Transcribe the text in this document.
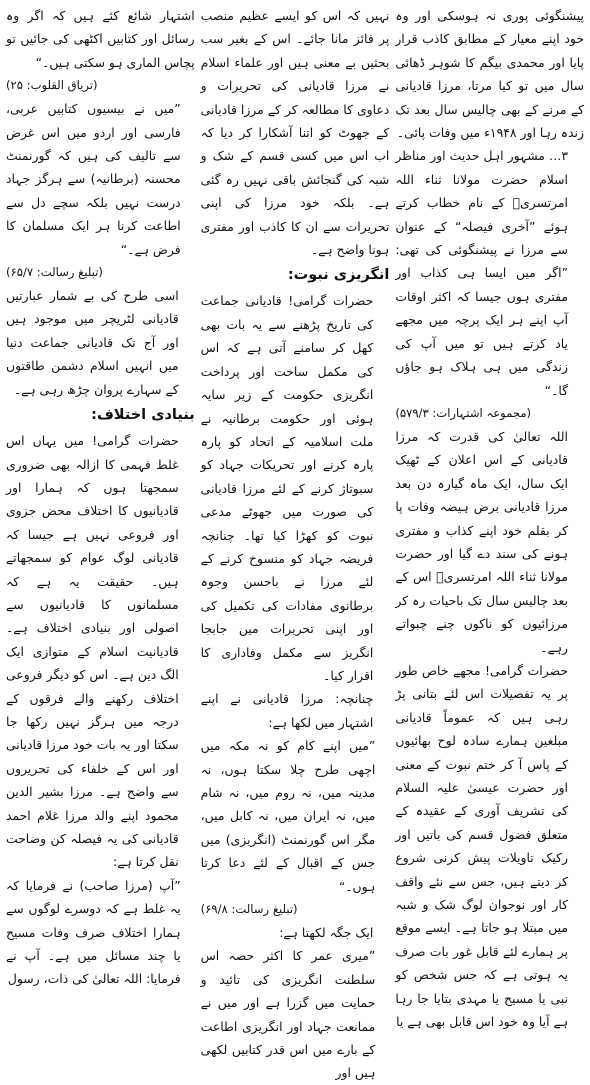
پیشنگوئی پوری نہ ہوسکی اور وہ خود اپنے معیار کے مطابق کاذب قرار پایا اور محمدی بیگم کا شوہر ڈھائی سال میں تو کیا مرتا، مرزا قادیانی کے مرنے کے بھی چالیس سال بعد تک زندہ رہا اور ۱۹۴۸ء میں وفات پائی۔

۳… مشہور اہل حدیث اور مناظر اسلام حضرت مولانا ثناء اللہ امرتسریؒ کے نام خطاب کرتے ہوئے ”آخری فیصلہ“ کے عنوان سے مرزا نے پیشنگوئی کی تھی: ”اگر میں ایسا ہی کذاب اور مفتری ہوں جیسا کہ اکثر اوقات آپ اپنے ہر ایک پرچہ میں مجھے یاد کرتے ہیں تو میں آپ کی زندگی میں ہی ہلاک ہو جاؤں گا۔“

(مجموعہ اشتہارات: ۵۷۹/۳)

اللہ تعالیٰ کی قدرت کہ مرزا قادیانی کے اس اعلان کے ٹھیک ایک سال، ایک ماہ گیارہ دن بعد مرزا قادیانی برض ہیضہ وفات پا کر بقلم خود اپنے کذاب و مفتری ہونے کی سند دے گیا اور حضرت مولانا ثناء اللہ امرتسریؒ اس کے بعد چالیس سال تک باحیات رہ کر مرزائیوں کو ناکوں چنے چبواتے رہے۔

حضرات گرامی! مجھے خاص طور پر یہ تفصیلات اس لئے بتانی پڑ رہی ہیں کہ عموماً قادیانی مبلغین ہمارے سادہ لوح بھائیوں کے پاس آ کر ختم نبوت کے معنی اور حضرت عیسیٰ علیہ السلام کی تشریف آوری کے عقیدہ کے متعلق فضول قسم کی باتیں اور رکیک تاویلات پیش کرنی شروع کر دیتے ہیں، جس سے نئے واقف کار اور نوجوان لوگ شک و شبہ میں مبتلا ہو جاتا ہے۔ ایسے موقع پر ہمارے لئے قابل غور بات صرف یہ ہوتی ہے کہ جس شخص کو نبی یا مسیح یا مہدی بتایا جا رہا ہے آیا وہ خود اس قابل بھی ہے یا

نہیں کہ اس کو ایسے عظیم منصب پر فائز مانا جائے۔ اس کے بغیر سب بحثیں بے معنی ہیں اور علماء اسلام نے مرزا قادیانی کی تحریرات و دعاوی کا مطالعہ کر کے مرزا قادیانی کے جھوٹ کو اتنا آشکارا کر دیا کہ اب اس میں کسی قسم کے شک و شبہ کی گنجائش باقی نہیں رہ گئی ہے۔ بلکہ خود مرزا کی اپنی تحریرات سے ان کا کاذب اور مفتری ہونا واضح ہے۔

انگریزی نبوت:

حضرات گرامی! قادیانی جماعت کی تاریخ پڑھنے سے یہ بات بھی کھل کر سامنے آتی ہے کہ اس کی مکمل ساخت اور پرداخت انگریزی حکومت کے زیر سایہ ہوئی اور حکومت برطانیہ نے ملت اسلامیہ کے اتحاد کو پارہ پارہ کرنے اور تحریکات جہاد کو سبوتاژ کرنے کے لئے مرزا قادیانی کی صورت میں جھوٹے مدعی نبوت کو کھڑا کیا تھا۔ چنانچہ فریضہ جہاد کو منسوخ کرنے کے لئے مرزا نے باحسن وجوہ برطانوی مفادات کی تکمیل کی اور اپنی تحریرات میں جابجا انگریز سے مکمل وفاداری کا اقرار کیا۔

چنانچہ: مرزا قادیانی نے اپنے اشتہار میں لکھا ہے:

”میں اپنے کام کو نہ مکہ میں اچھی طرح چلا سکتا ہوں، نہ مدینہ میں، نہ روم میں، نہ شام میں، نہ ایران میں، نہ کابل میں، مگر اس گورنمنٹ (انگریزی) میں جس کے اقبال کے لئے دعا کرتا ہوں۔“

(تبلیغ رسالت: ۶۹/۸)

ایک جگہ لکھتا ہے:

”میری عمر کا اکثر حصہ اس سلطنت انگریزی کی تائید و حمایت میں گزرا ہے اور میں نے ممانعت جہاد اور انگریزی اطاعت کے بارے میں اس قدر کتابیں لکھی ہیں اور

اشتہار شائع کئے ہیں کہ اگر وہ رسائل اور کتابیں اکٹھی کی جائیں تو پچاس الماری ہو سکتی ہیں۔“

(تریاق القلوب: ۲۵)

”میں نے بیسیوں کتابیں عربی، فارسی اور اردو میں اس غرض سے تالیف کی ہیں کہ گورنمنٹ محسنہ (برطانیہ) سے ہرگز جہاد درست نہیں بلکہ سچے دل سے اطاعت کرنا ہر ایک مسلمان کا فرض ہے۔“

(تبلیغ رسالت: ۶۵/۷)

اسی طرح کی بے شمار عبارتیں قادیانی لٹریچر میں موجود ہیں اور آج تک قادیانی جماعت دنیا میں انہیں اسلام دشمن طاقتوں کے سہارے پروان چڑھ رہی ہے۔

بنیادی اختلاف:

حضرات گرامی! میں یہاں اس غلط فہمی کا ازالہ بھی ضروری سمجھتا ہوں کہ ہمارا اور قادیانیوں کا اختلاف محض جزوی اور فروعی نہیں ہے جیسا کہ قادیانی لوگ عوام کو سمجھاتے ہیں۔ حقیقت یہ ہے کہ مسلمانوں کا قادیانیوں سے اصولی اور بنیادی اختلاف ہے۔ قادیانیت اسلام کے متوازی ایک الگ دین ہے۔ اس کو دیگر فروعی اختلاف رکھنے والے فرقوں کے درجہ میں ہرگز نہیں رکھا جا سکتا اور یہ بات خود مرزا قادیانی اور اس کے خلفاء کی تحریروں سے واضح ہے۔ مرزا بشیر الدین محمود اپنے والد مرزا غلام احمد قادیانی کی یہ فیصلہ کن وضاحت نقل کرتا ہے:

”آپ (مرزا صاحب) نے فرمایا کہ یہ غلط ہے کہ دوسرے لوگوں سے ہمارا اختلاف صرف وفات مسیح یا چند مسائل میں ہے۔ آپ نے فرمایا: اللہ تعالیٰ کی ذات، رسول
